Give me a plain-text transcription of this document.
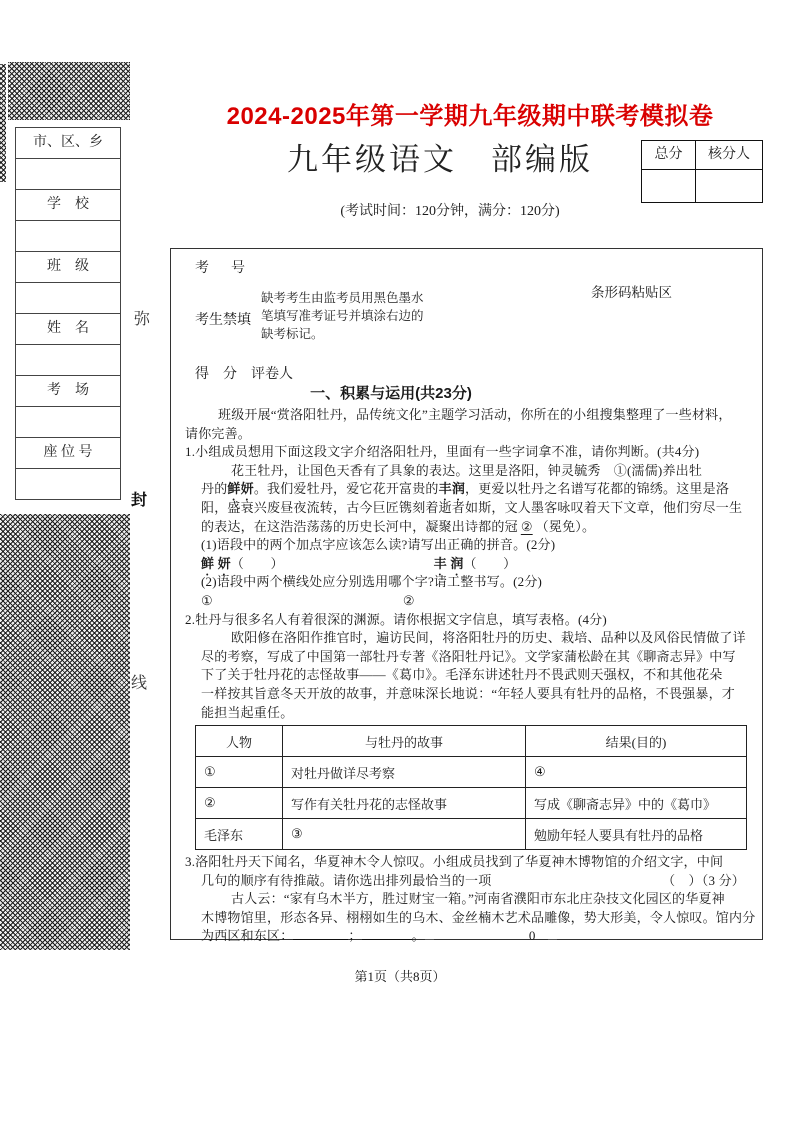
市、区、乡
学　校
班　级
姓　名
考　场
座 位 号
弥
封
线
2024-2025年第一学期九年级期中联考模拟卷
九年级语文　部编版
(考试时间：120分钟，满分：120分)
总分	核分人
考　号
考生禁填
缺考考生由监考员用黑色墨水
笔填写准考证号并填涂右边的
缺考标记。
条形码粘贴区
得　分　评卷人
一、积累与运用(共23分)
班级开展“赏洛阳牡丹，品传统文化”主题学习活动，你所在的小组搜集整理了一些材料，
请你完善。
1.小组成员想用下面这段文字介绍洛阳牡丹，里面有一些字词拿不准，请你判断。(共4分)
花王牡丹，让国色天香有了具象的表达。这里是洛阳，钟灵毓秀　①(濡儒)养出牡
丹的鲜妍。我们爱牡丹，爱它花开富贵的丰润，更爱以牡丹之名谱写花都的锦绣。这里是洛
阳，盛衰兴废昼夜流转，古今巨匠镌刻着逝者如斯，文人墨客咏叹着天下文章，他们穷尽一生
的表达，在这浩浩荡荡的历史长河中，凝聚出诗都的冠 ② （冕免）。
(1)语段中的两个加点字应该怎么读?请写出正确的拼音。(2分)
鲜 妍（　　）	丰 润（　　）
(2)语段中两个横线处应分别选用哪个字?请工整书写。(2分)
①	②
2.牡丹与很多名人有着很深的渊源。请你根据文字信息，填写表格。(4分)
欧阳修在洛阳作推官时，遍访民间，将洛阳牡丹的历史、栽培、品种以及风俗民情做了详
尽的考察，写成了中国第一部牡丹专著《洛阳牡丹记》。文学家蒲松龄在其《聊斋志异》中写
下了关于牡丹花的志怪故事——《葛巾》。毛泽东讲述牡丹不畏武则天强权，不和其他花朵
一样按其旨意冬天开放的故事，并意味深长地说：“年轻人要具有牡丹的品格，不畏强暴，才
能担当起重任。
人物	与牡丹的故事	结果(目的)
①	对牡丹做详尽考察	④
②	写作有关牡丹花的志怪故事	写成《聊斋志异》中的《葛巾》
毛泽东	③	勉励年轻人要具有牡丹的品格
3.洛阳牡丹天下闻名，华夏神木令人惊叹。小组成员找到了华夏神木博物馆的介绍文字，中间
几句的顺序有待推敲。请你选出排列最恰当的一项	（　）（3 分）
古人云：“家有乌木半方，胜过财宝一箱。”河南省濮阳市东北庄杂技文化园区的华夏神
木博物馆里，形态各异、栩栩如生的乌木、金丝楠木艺术品雕像，势大形美，令人惊叹。馆内分
为西区和东区：	；	。	0
第1页（共8页）
